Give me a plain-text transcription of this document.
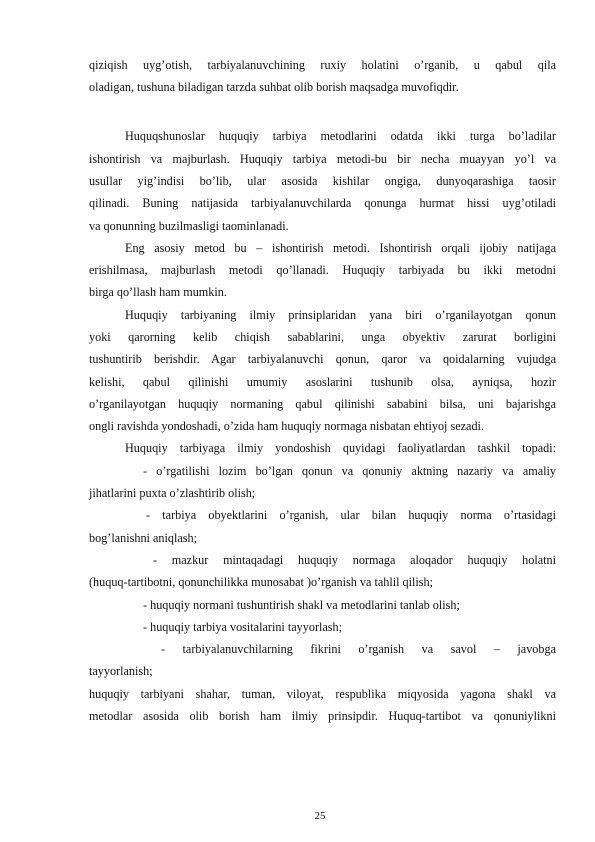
qiziqish uyg’otish, tarbiyalanuvchining ruxiy holatini o’rganib, u qabul qila
oladigan, tushuna biladigan tarzda suhbat olib borish maqsadga muvofiqdir.
Huquqshunoslar huquqiy tarbiya metodlarini odatda ikki turga bo’ladilar
ishontirish va majburlash. Huquqiy tarbiya metodi-bu bir necha muayyan yo’l va
usullar yig’indisi bo’lib, ular asosida kishilar ongiga, dunyoqarashiga taosir
qilinadi. Buning natijasida tarbiyalanuvchilarda qonunga hurmat hissi uyg’otiladi
va qonunning buzilmasligi taominlanadi.
Eng asosiy metod bu – ishontirish metodi. Ishontirish orqali ijobiy natijaga
erishilmasa, majburlash metodi qo’llanadi. Huquqiy tarbiyada bu ikki metodni
birga qo’llash ham mumkin.
Huquqiy tarbiyaning ilmiy prinsiplaridan yana biri o’rganilayotgan qonun
yoki qarorning kelib chiqish sabablarini, unga obyektiv zarurat borligini
tushuntirib berishdir. Agar tarbiyalanuvchi qonun, qaror va qoidalarning vujudga
kelishi, qabul qilinishi umumiy asoslarini tushunib olsa, ayniqsa, hozir
o’rganilayotgan huquqiy normaning qabul qilinishi sababini bilsa, uni bajarishga
ongli ravishda yondoshadi, o’zida ham huquqiy normaga nisbatan ehtiyoj sezadi.
Huquqiy tarbiyaga ilmiy yondoshish quyidagi faoliyatlardan tashkil topadi:
- o’rgatilishi lozim bo’lgan qonun va qonuniy aktning nazariy va amaliy
jihatlarini puxta o’zlashtirib olish;
- tarbiya obyektlarini o’rganish, ular bilan huquqiy norma o’rtasidagi
bog’lanishni aniqlash;
- mazkur mintaqadagi huquqiy normaga aloqador huquqiy holatni
(huquq-tartibotni, qonunchilikka munosabat )o’rganish va tahlil qilish;
- huquqiy normani tushuntirish shakl va metodlarini tanlab olish;
- huquqiy tarbiya vositalarini tayyorlash;
- tarbiyalanuvchilarning fikrini o’rganish va savol – javobga
tayyorlanish;
huquqiy tarbiyani shahar, tuman, viloyat, respublika miqyosida yagona shakl va
metodlar asosida olib borish ham ilmiy prinsipdir. Huquq-tartibot va qonuniylikni
25
